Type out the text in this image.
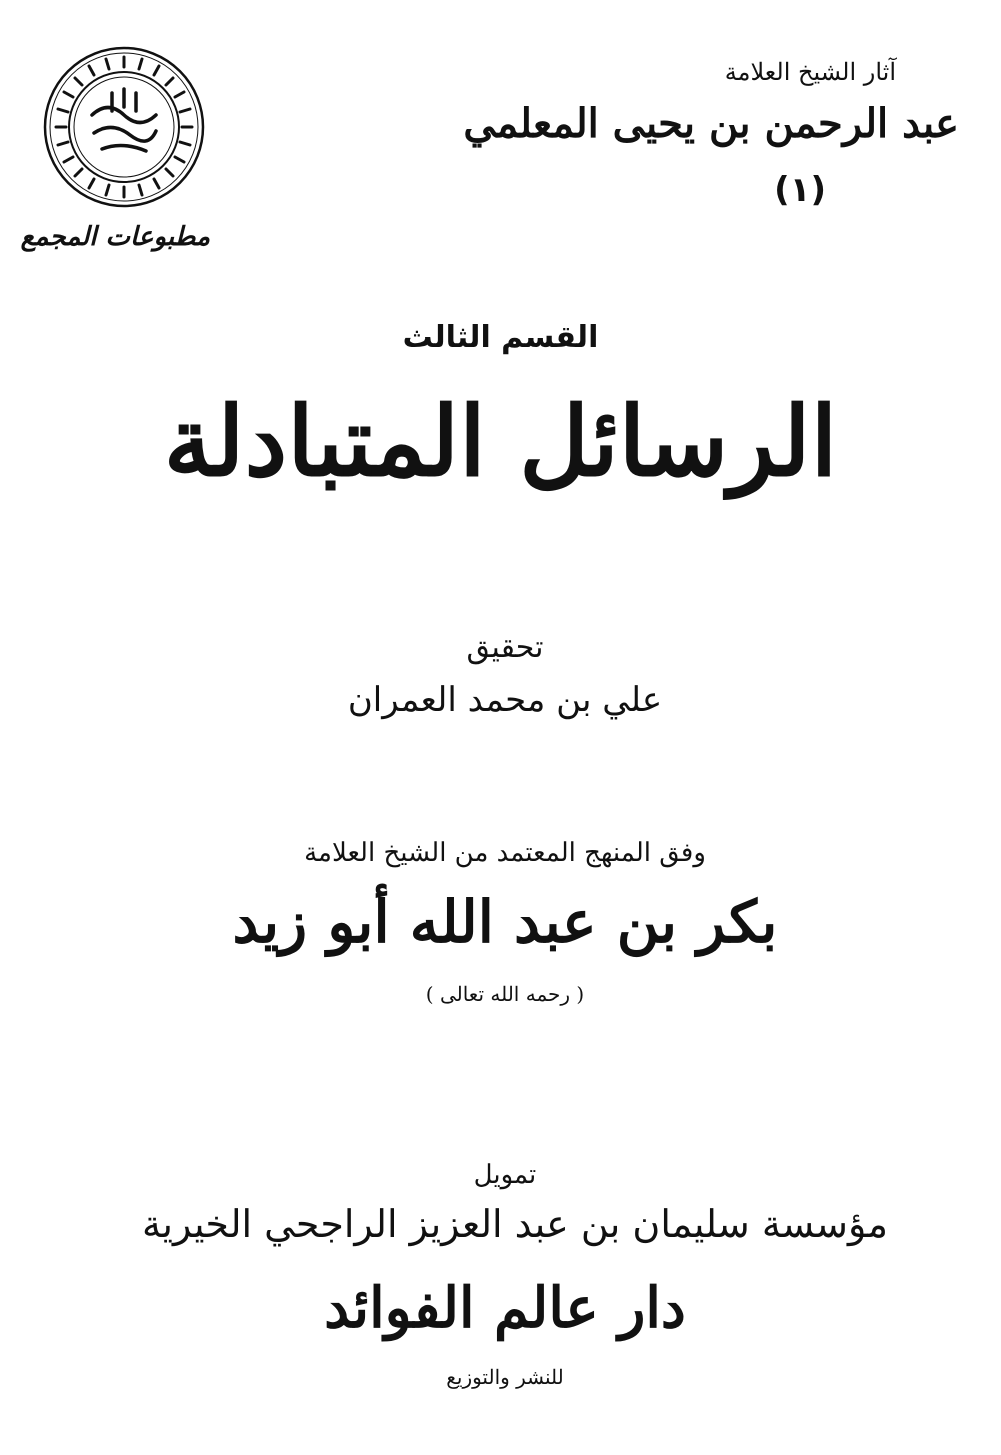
آثار الشيخ العلامة
عبد الرحمن بن يحيى المعلمي
(١)
مطبوعات المجمع
القسم الثالث
الرسائل المتبادلة
تحقيق
علي بن محمد العمران
وفق المنهج المعتمد من الشيخ العلامة
بكر بن عبد الله أبو زيد
( رحمه الله تعالى )
تمويل
مؤسسة سليمان بن عبد العزيز الراجحي الخيرية
دار عالم الفوائد
للنشر والتوزيع
